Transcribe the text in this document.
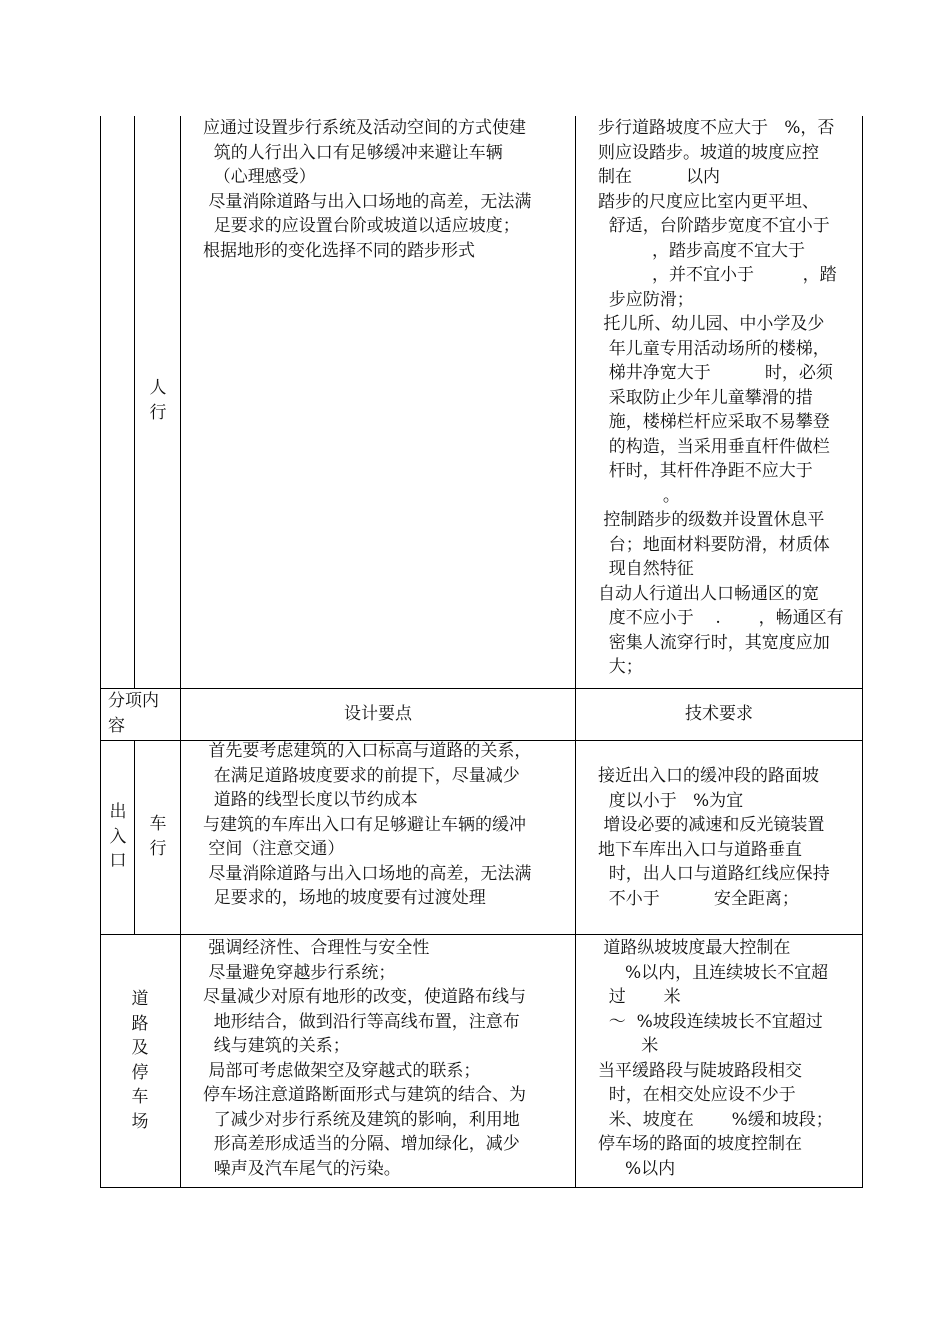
人
行

应通过设置步行系统及活动空间的方式使建

筑的人行出入口有足够缓冲来避让车辆

（心理感受）

尽量消除道路与出入口场地的高差，无法满

足要求的应设置台阶或坡道以适应坡度；

根据地形的变化选择不同的踏步形式

步行道路坡度不应大于   %，否

则应设踏步。坡道的坡度应控

制在          以内

踏步的尺度应比室内更平坦、

舒适，台阶踏步宽度不宜小于

，踏步高度不宜大于

，并不宜小于         ，踏

步应防滑；

托儿所、幼儿园、中小学及少

年儿童专用活动场所的楼梯，

梯井净宽大于          时，必须

采取防止少年儿童攀滑的措

施，楼梯栏杆应采取不易攀登

的构造，当采用垂直杆件做栏

杆时，其杆件净距不应大于

。

控制踏步的级数并设置休息平

台；地面材料要防滑，材质体

现自然特征

自动人行道出人口畅通区的宽

度不应小于    .       ，畅通区有

密集人流穿行时，其宽度应加

大；

分项内

容

设计要点	技术要求
出
入
口
车
行

首先要考虑建筑的入口标高与道路的关系，

在满足道路坡度要求的前提下，尽量减少

道路的线型长度以节约成本

与建筑的车库出入口有足够避让车辆的缓冲

空间（注意交通）

尽量消除道路与出入口场地的高差，无法满

足要求的，场地的坡度要有过渡处理

接近出入口的缓冲段的路面坡

度以小于   %为宜

增设必要的减速和反光镜装置

地下车库出入口与道路垂直

时，出人口与道路红线应保持

不小于          安全距离；

道
路
及
停
车
场

强调经济性、合理性与安全性

尽量避免穿越步行系统；

尽量减少对原有地形的改变，使道路布线与

地形结合，做到沿行等高线布置，注意布

线与建筑的关系；

局部可考虑做架空及穿越式的联系；

停车场注意道路断面形式与建筑的结合、为

了减少对步行系统及建筑的影响，利用地

形高差形成适当的分隔、增加绿化，减少

噪声及汽车尾气的污染。

道路纵坡坡度最大控制在

%以内，且连续坡长不宜超

过       米

～  %坡段连续坡长不宜超过

米

当平缓路段与陡坡路段相交

时，在相交处应设不少于

米、坡度在       %缓和坡段；

停车场的路面的坡度控制在

%以内
